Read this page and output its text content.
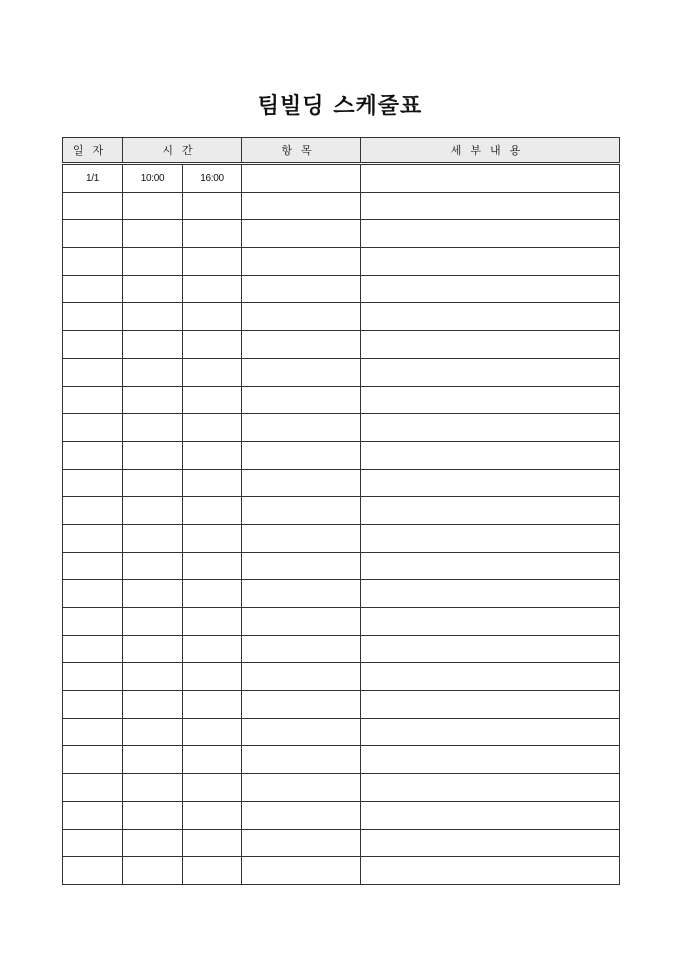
팀빌딩 스케줄표
일자	시간		항목	세부내용
1/1	10:00	16:00		
